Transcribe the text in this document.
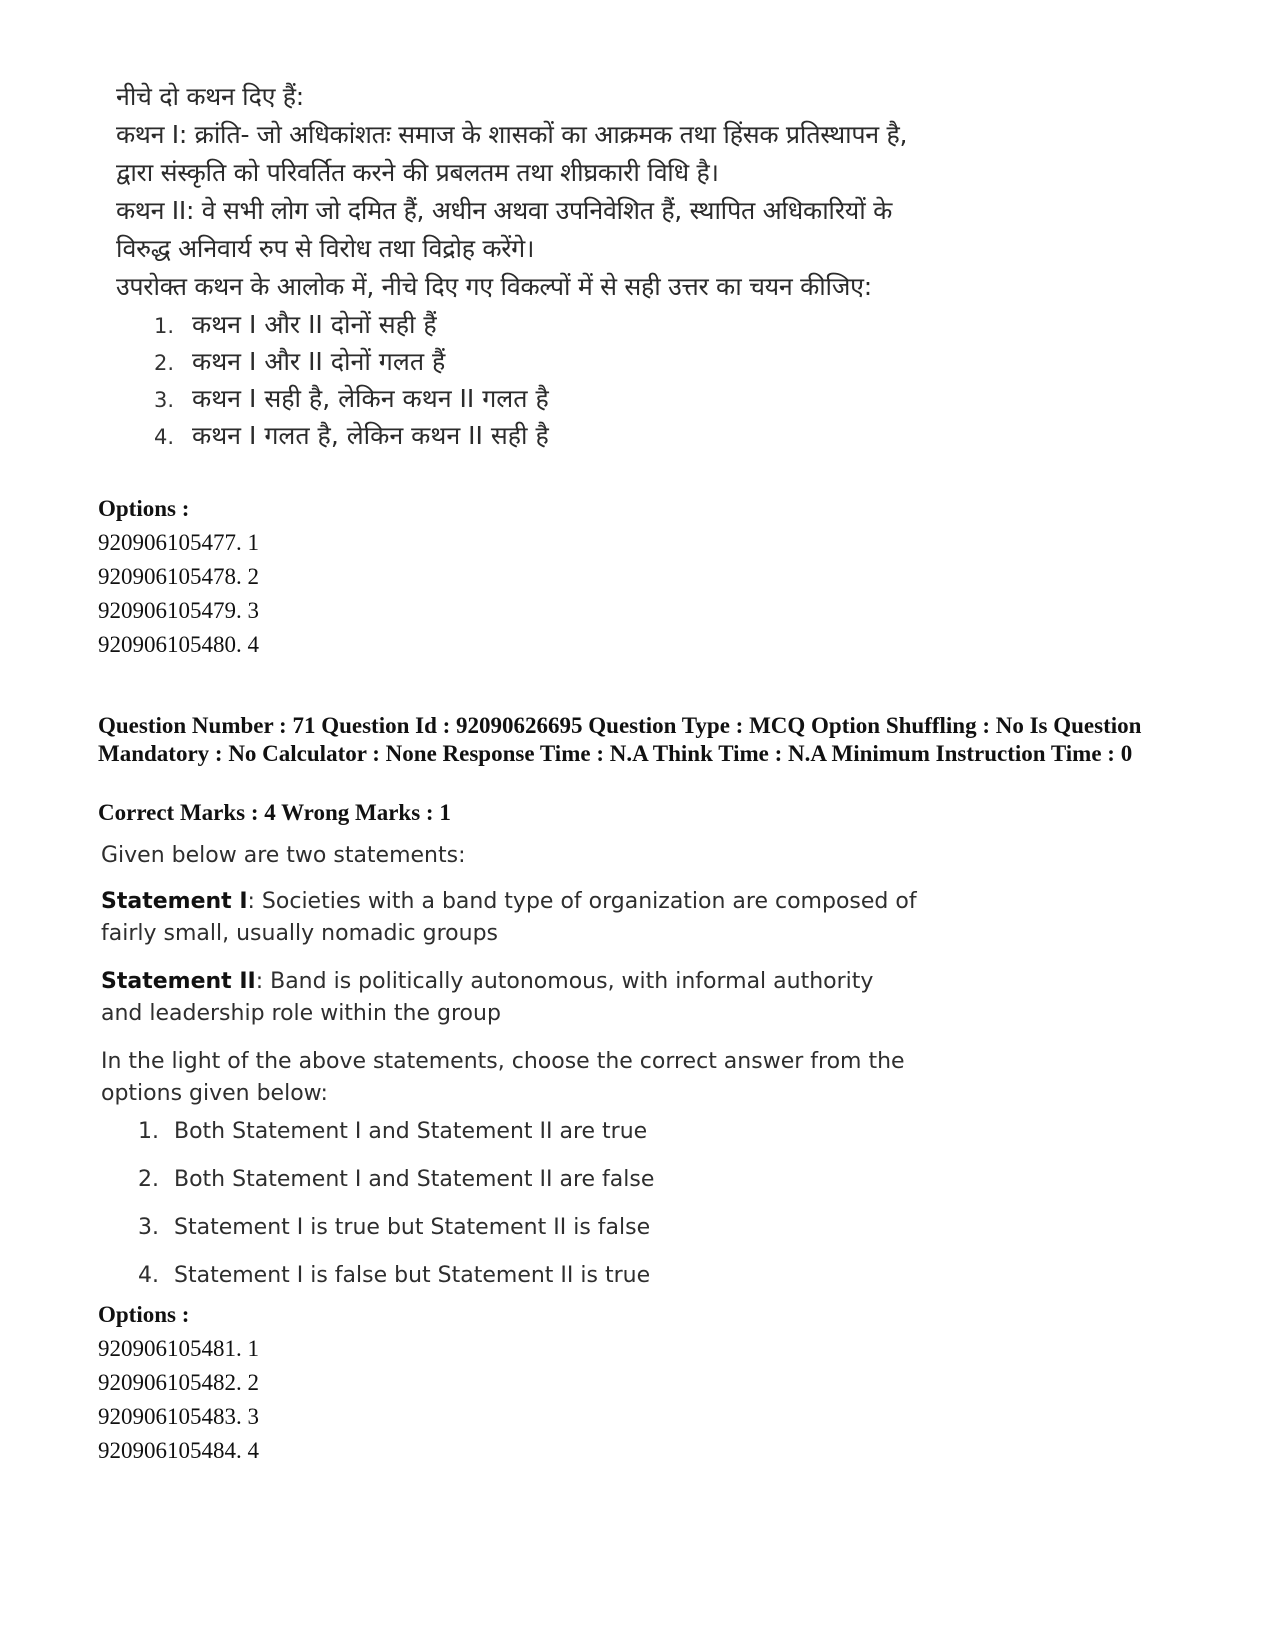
नीचे दो कथन दिए हैं:
कथन I: क्रांति- जो अधिकांशतः समाज के शासकों का आक्रमक तथा हिंसक प्रतिस्थापन है,
द्वारा संस्कृति को परिवर्तित करने की प्रबलतम तथा शीघ्रकारी विधि है।
कथन II: वे सभी लोग जो दमित हैं, अधीन अथवा उपनिवेशित हैं, स्थापित अधिकारियों के
विरुद्ध अनिवार्य रुप से विरोध तथा विद्रोह करेंगे।
उपरोक्त कथन के आलोक में, नीचे दिए गए विकल्पों में से सही उत्तर का चयन कीजिए:
1. कथन I और II दोनों सही हैं
2. कथन I और II दोनों गलत हैं
3. कथन I सही है, लेकिन कथन II गलत है
4. कथन I गलत है, लेकिन कथन II सही है
Options :
920906105477. 1
920906105478. 2
920906105479. 3
920906105480. 4
Question Number : 71 Question Id : 92090626695 Question Type : MCQ Option Shuffling : No Is Question Mandatory : No Calculator : None Response Time : N.A Think Time : N.A Minimum Instruction Time : 0
Correct Marks : 4 Wrong Marks : 1
Given below are two statements:
Statement I: Societies with a band type of organization are composed of fairly small, usually nomadic groups
Statement II: Band is politically autonomous, with informal authority and leadership role within the group
In the light of the above statements, choose the correct answer from the options given below:
1. Both Statement I and Statement II are true
2. Both Statement I and Statement II are false
3. Statement I is true but Statement II is false
4. Statement I is false but Statement II is true
Options :
920906105481. 1
920906105482. 2
920906105483. 3
920906105484. 4
